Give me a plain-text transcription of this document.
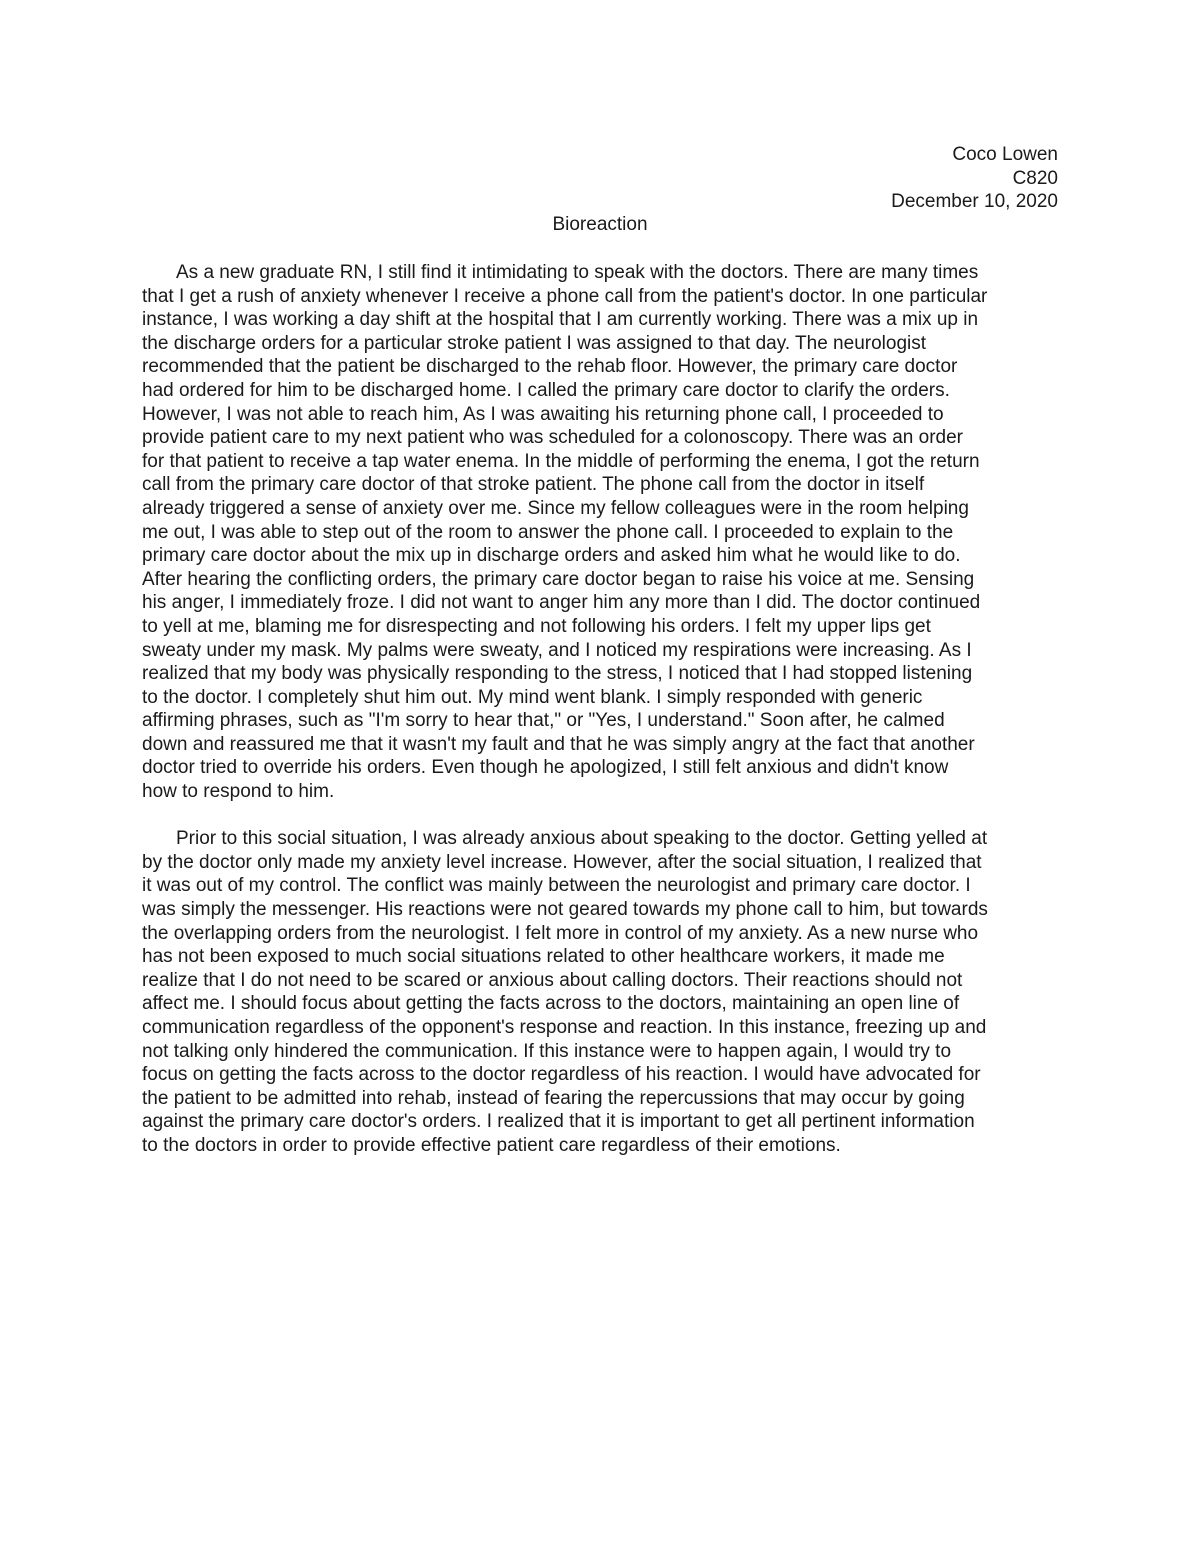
Coco Lowen
C820
December 10, 2020
Bioreaction
As a new graduate RN, I still find it intimidating to speak with the doctors. There are many times
that I get a rush of anxiety whenever I receive a phone call from the patient's doctor. In one particular
instance, I was working a day shift at the hospital that I am currently working. There was a mix up in
the discharge orders for a particular stroke patient I was assigned to that day. The neurologist
recommended that the patient be discharged to the rehab floor. However, the primary care doctor
had ordered for him to be discharged home. I called the primary care doctor to clarify the orders.
However, I was not able to reach him, As I was awaiting his returning phone call, I proceeded to
provide patient care to my next patient who was scheduled for a colonoscopy. There was an order
for that patient to receive a tap water enema. In the middle of performing the enema, I got the return
call from the primary care doctor of that stroke patient. The phone call from the doctor in itself
already triggered a sense of anxiety over me. Since my fellow colleagues were in the room helping
me out, I was able to step out of the room to answer the phone call. I proceeded to explain to the
primary care doctor about the mix up in discharge orders and asked him what he would like to do.
After hearing the conflicting orders, the primary care doctor began to raise his voice at me. Sensing
his anger, I immediately froze. I did not want to anger him any more than I did. The doctor continued
to yell at me, blaming me for disrespecting and not following his orders. I felt my upper lips get
sweaty under my mask. My palms were sweaty, and I noticed my respirations were increasing. As I
realized that my body was physically responding to the stress, I noticed that I had stopped listening
to the doctor. I completely shut him out. My mind went blank. I simply responded with generic
affirming phrases, such as "I'm sorry to hear that," or "Yes, I understand." Soon after, he calmed
down and reassured me that it wasn't my fault and that he was simply angry at the fact that another
doctor tried to override his orders. Even though he apologized, I still felt anxious and didn't know
how to respond to him.
Prior to this social situation, I was already anxious about speaking to the doctor. Getting yelled at
by the doctor only made my anxiety level increase. However, after the social situation, I realized that
it was out of my control. The conflict was mainly between the neurologist and primary care doctor. I
was simply the messenger. His reactions were not geared towards my phone call to him, but towards
the overlapping orders from the neurologist. I felt more in control of my anxiety. As a new nurse who
has not been exposed to much social situations related to other healthcare workers, it made me
realize that I do not need to be scared or anxious about calling doctors. Their reactions should not
affect me. I should focus about getting the facts across to the doctors, maintaining an open line of
communication regardless of the opponent's response and reaction. In this instance, freezing up and
not talking only hindered the communication. If this instance were to happen again, I would try to
focus on getting the facts across to the doctor regardless of his reaction. I would have advocated for
the patient to be admitted into rehab, instead of fearing the repercussions that may occur by going
against the primary care doctor's orders. I realized that it is important to get all pertinent information
to the doctors in order to provide effective patient care regardless of their emotions.
